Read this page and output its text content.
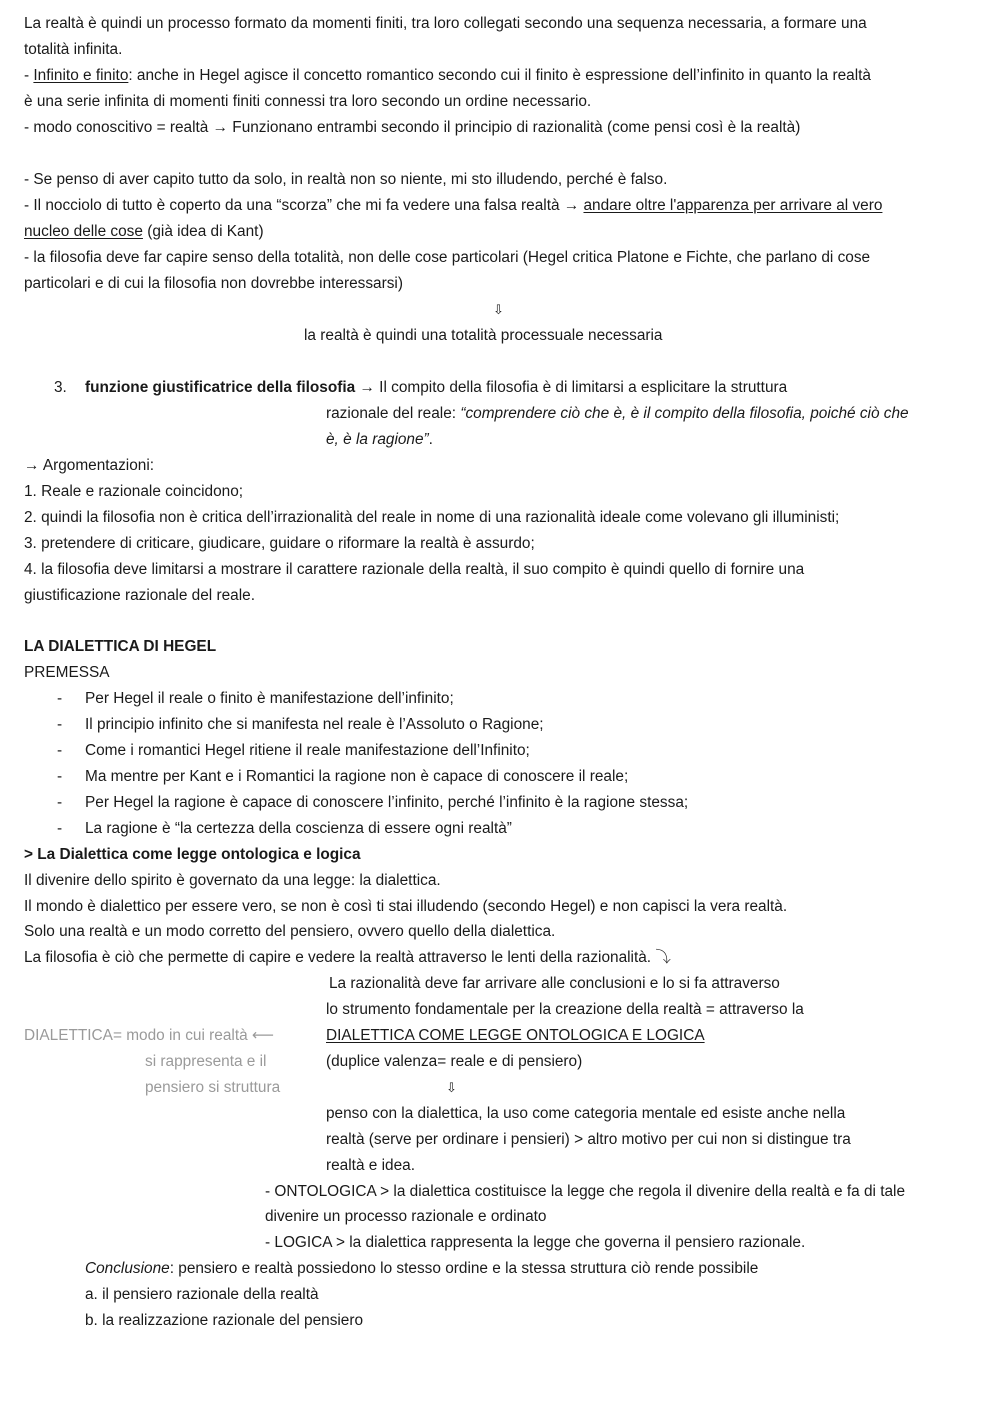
La realtà è quindi un processo formato da momenti finiti, tra loro collegati secondo una sequenza necessaria, a formare una
totalità infinita.
- Infinito e finito: anche in Hegel agisce il concetto romantico secondo cui il finito è espressione dell’infinito in quanto la realtà
è una serie infinita di momenti finiti connessi tra loro secondo un ordine necessario.
- modo conoscitivo = realtà → Funzionano entrambi secondo il principio di razionalità (come pensi così è la realtà)
- Se penso di aver capito tutto da solo, in realtà non so niente, mi sto illudendo, perché è falso.
- Il nocciolo di tutto è coperto da una “scorza” che mi fa vedere una falsa realtà → andare oltre l'apparenza per arrivare al vero
nucleo delle cose (già idea di Kant)
- la filosofia deve far capire senso della totalità, non delle cose particolari (Hegel critica Platone e Fichte, che parlano di cose
particolari e di cui la filosofia non dovrebbe interessarsi)
⇩
la realtà è quindi una totalità processuale necessaria
3. funzione giustificatrice della filosofia → Il compito della filosofia è di limitarsi a esplicitare la struttura
razionale del reale: “comprendere ciò che è, è il compito della filosofia, poiché ciò che
è, è la ragione”.
→ Argomentazioni:
1. Reale e razionale coincidono;
2. quindi la filosofia non è critica dell’irrazionalità del reale in nome di una razionalità ideale come volevano gli illuministi;
3. pretendere di criticare, giudicare, guidare o riformare la realtà è assurdo;
4. la filosofia deve limitarsi a mostrare il carattere razionale della realtà, il suo compito è quindi quello di fornire una
giustificazione razionale del reale.
LA DIALETTICA DI HEGEL
PREMESSA
- Per Hegel il reale o finito è manifestazione dell’infinito;
- Il principio infinito che si manifesta nel reale è l’Assoluto o Ragione;
- Come i romantici Hegel ritiene il reale manifestazione dell’Infinito;
- Ma mentre per Kant e i Romantici la ragione non è capace di conoscere il reale;
- Per Hegel la ragione è capace di conoscere l’infinito, perché l’infinito è la ragione stessa;
- La ragione è “la certezza della coscienza di essere ogni realtà”
> La Dialettica come legge ontologica e logica
Il divenire dello spirito è governato da una legge: la dialettica.
Il mondo è dialettico per essere vero, se non è così ti stai illudendo (secondo Hegel) e non capisci la vera realtà.
Solo una realtà e un modo corretto del pensiero, ovvero quello della dialettica.
La filosofia è ciò che permette di capire e vedere la realtà attraverso le lenti della razionalità. ⤵
La razionalità deve far arrivare alle conclusioni e lo si fa attraverso
lo strumento fondamentale per la creazione della realtà = attraverso la
DIALETTICA= modo in cui realtà ⟵	DIALETTICA COME LEGGE ONTOLOGICA E LOGICA
si rappresenta e il	(duplice valenza= reale e di pensiero)
pensiero si struttura	⇩
penso con la dialettica, la uso come categoria mentale ed esiste anche nella
realtà (serve per ordinare i pensieri) > altro motivo per cui non si distingue tra
realtà e idea.
- ONTOLOGICA > la dialettica costituisce la legge che regola il divenire della realtà e fa di tale
divenire un processo razionale e ordinato
- LOGICA > la dialettica rappresenta la legge che governa il pensiero razionale.
Conclusione: pensiero e realtà possiedono lo stesso ordine e la stessa struttura ciò rende possibile
a. il pensiero razionale della realtà
b. la realizzazione razionale del pensiero
